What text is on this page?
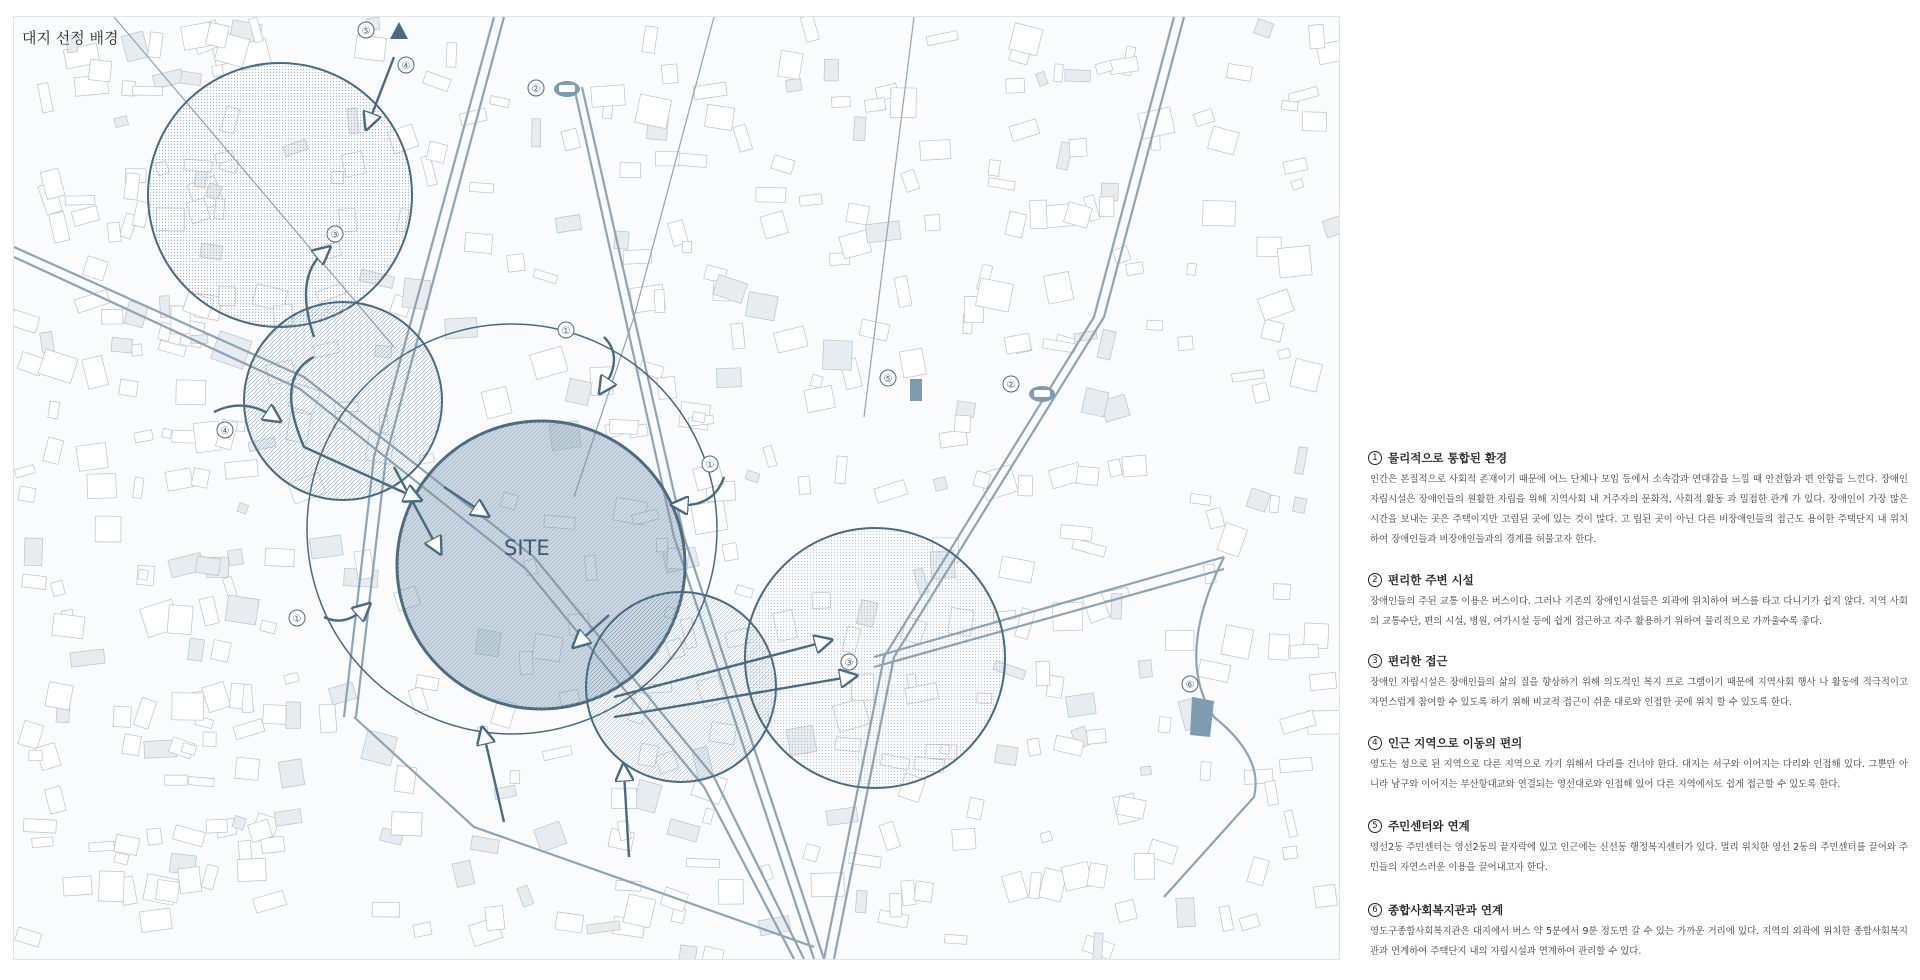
⑤
④
②
③
①
④
⑤
②
①
①
③
⑥
SITE
대지 선정 배경
1 물리적으로 통합된 환경
인간은 본질적으로 사회적 존재이기 때문에 어느 단체나 모임 등에서 소속감과 연대감을 느낄 때 안전함과 편 안함을 느낀다. 장애인 자립시설은 장애인들의 원활한 자립을 위해 지역사회 내 거주자의 문화적, 사회적 활동 과 밀접한 관계 가 있다. 장애인이 가장 많은 시간을 보내는 곳은 주택이지만 고립된 곳에 있는 것이 많다. 고 립된 곳이 아닌 다른 비장애인들의 접근도 용이한 주택단지 내 위치 하여 장애인들과 비장애인들과의 경계를 허물고자 한다.
2 편리한 주변 시설
장애인들의 주된 교통 이용은 버스이다. 그러나 기존의 장애인시설들은 외곽에 위치하여 버스를 타고 다니기가 쉽지 않다. 지역 사회의 교통수단, 편의 시설, 병원, 여가시설 등에 쉽게 접근하고 자주 활용하기 위하여 물리적으로 가까울수록 좋다.
3 편리한 접근
장애인 자립시설은 장애인들의 삶의 질을 향상하기 위해 의도적인 복지 프로 그램이기 때문에 지역사회 행사 나 활동에 적극적이고 자연스럽게 참여할 수 있도록 하기 위해 비교적 접근이 쉬운 대로와 인접한 곳에 위치 할 수 있도록 한다.
4 인근 지역으로 이동의 편의
영도는 섬으로 된 지역으로 다른 지역으로 가기 위해서 다리를 건너야 한다. 대지는 서구와 이어지는 다리와 인접해 있다. 그뿐만 아니라 남구와 이어지는 부산항대교와 연결되는 영선대로와 인접해 있어 다른 지역에서도 쉽게 접근할 수 있도록 한다.
5 주민센터와 연계
영선2동 주민센터는 영선2동의 끝자락에 있고 인근에는 신선동 행정복지센터가 있다. 멀리 위치한 영선 2동의 주민센터를 끌어와 주민들의 자연스러운 이용을 끌어내고자 한다.
6 종합사회복지관과 연계
영도구종합사회복지관은 대지에서 버스 약 5분에서 9분 정도면 갈 수 있는 가까운 거리에 있다. 지역의 외곽에 위치한 종합사회복지관과 연계하여 주택단지 내의 자립시설과 연계하여 관리할 수 있다.
